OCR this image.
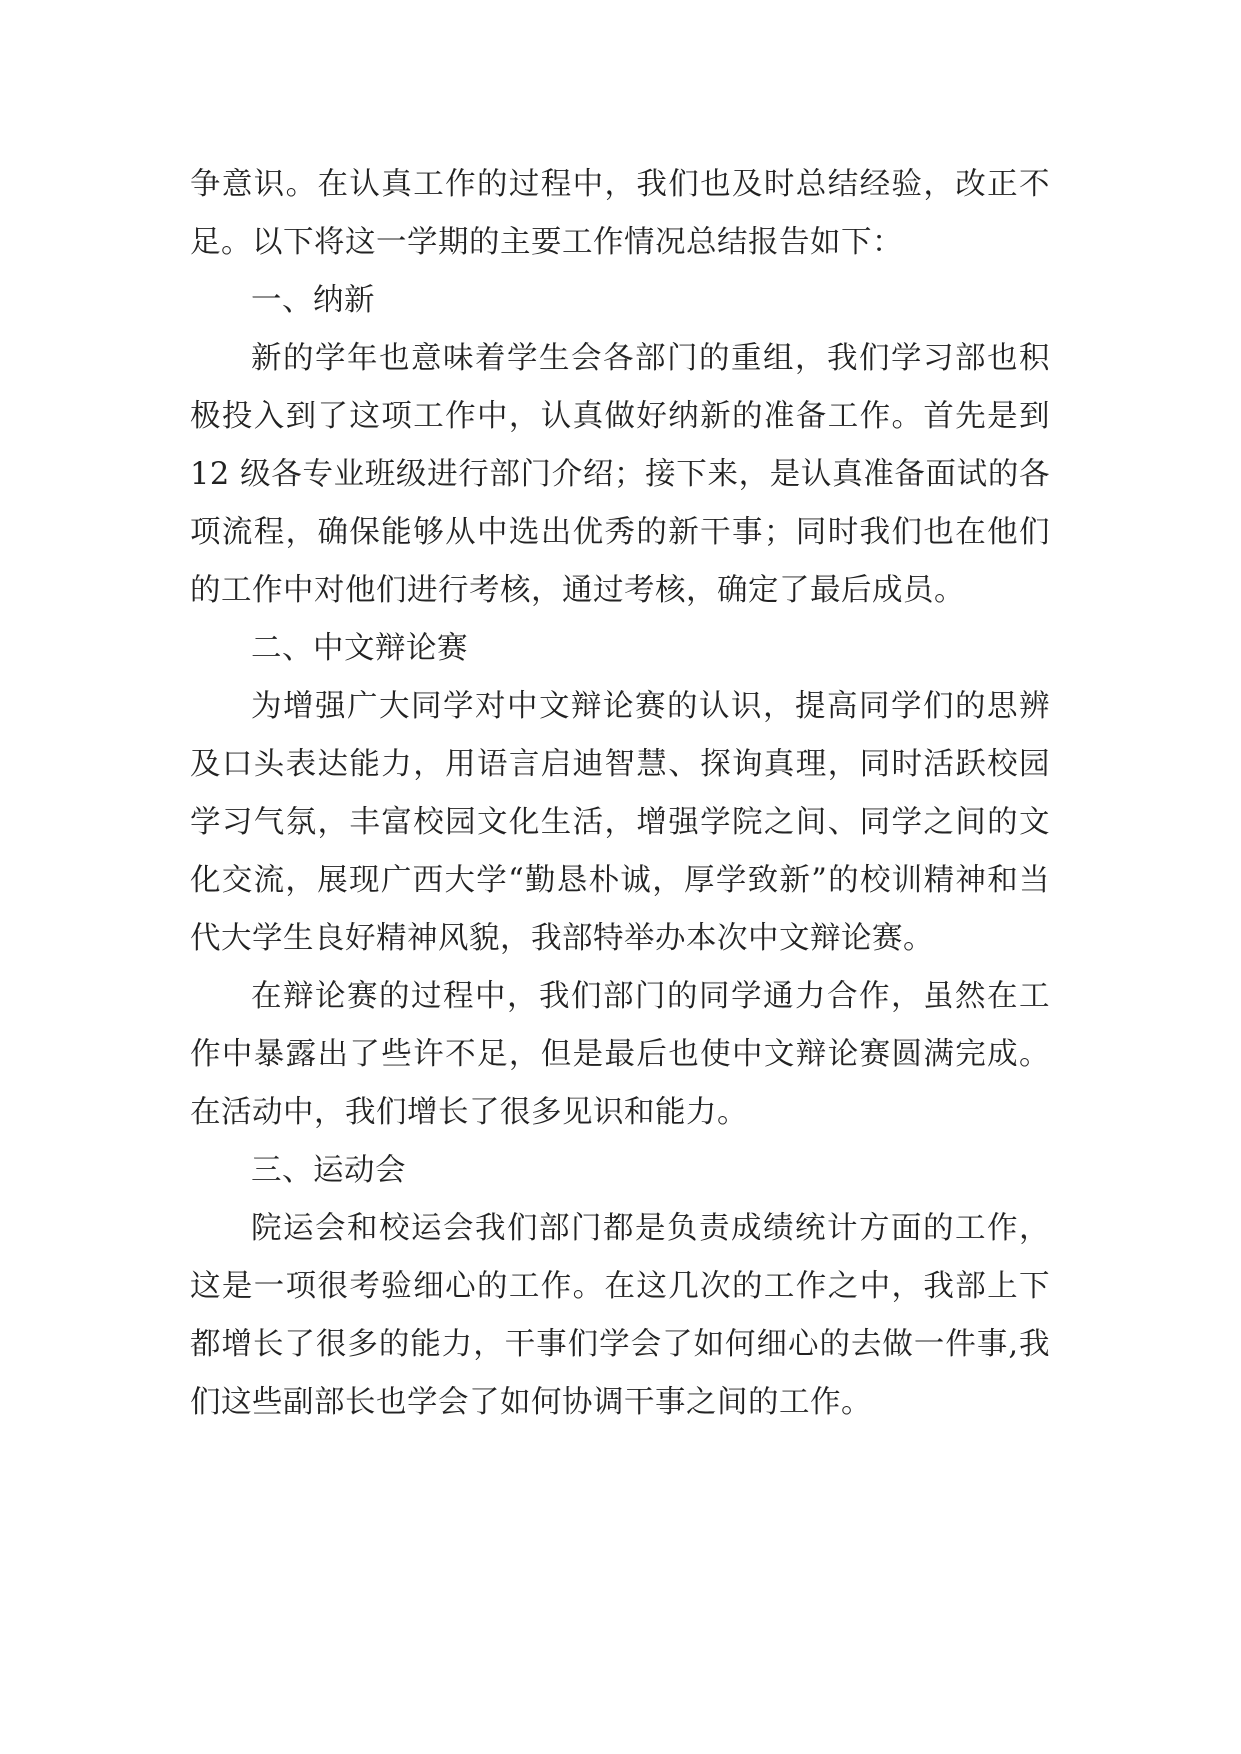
争意识。在认真工作的过程中，我们也及时总结经验，改正不足。以下将这一学期的主要工作情况总结报告如下：

一、纳新

新的学年也意味着学生会各部门的重组，我们学习部也积极投入到了这项工作中，认真做好纳新的准备工作。首先是到 12 级各专业班级进行部门介绍；接下来，是认真准备面试的各项流程，确保能够从中选出优秀的新干事；同时我们也在他们的工作中对他们进行考核，通过考核，确定了最后成员。

二、中文辩论赛

为增强广大同学对中文辩论赛的认识，提高同学们的思辨及口头表达能力，用语言启迪智慧、探询真理，同时活跃校园学习气氛，丰富校园文化生活，增强学院之间、同学之间的文化交流，展现广西大学“勤恳朴诚，厚学致新”的校训精神和当代大学生良好精神风貌，我部特举办本次中文辩论赛。

在辩论赛的过程中，我们部门的同学通力合作，虽然在工作中暴露出了些许不足，但是最后也使中文辩论赛圆满完成。在活动中，我们增长了很多见识和能力。

三、运动会

院运会和校运会我们部门都是负责成绩统计方面的工作，这是一项很考验细心的工作。在这几次的工作之中，我部上下都增长了很多的能力，干事们学会了如何细心的去做一件事,我们这些副部长也学会了如何协调干事之间的工作。
